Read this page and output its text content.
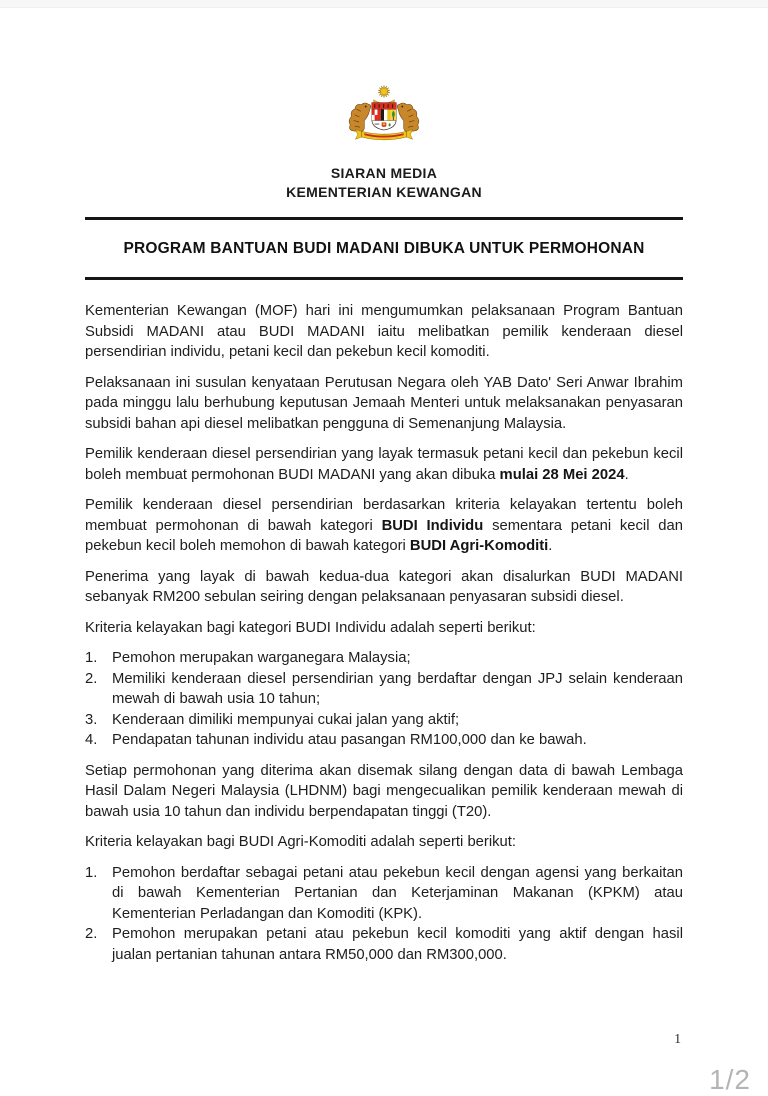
SIARAN MEDIA
KEMENTERIAN KEWANGAN
PROGRAM BANTUAN BUDI MADANI DIBUKA UNTUK PERMOHONAN

Kementerian Kewangan (MOF) hari ini mengumumkan pelaksanaan Program Bantuan Subsidi MADANI atau BUDI MADANI iaitu melibatkan pemilik kenderaan diesel persendirian individu, petani kecil dan pekebun kecil komoditi.

Pelaksanaan ini susulan kenyataan Perutusan Negara oleh YAB Dato' Seri Anwar Ibrahim pada minggu lalu berhubung keputusan Jemaah Menteri untuk melaksanakan penyasaran subsidi bahan api diesel melibatkan pengguna di Semenanjung Malaysia.

Pemilik kenderaan diesel persendirian yang layak termasuk petani kecil dan pekebun kecil boleh membuat permohonan BUDI MADANI yang akan dibuka mulai 28 Mei 2024.

Pemilik kenderaan diesel persendirian berdasarkan kriteria kelayakan tertentu boleh membuat permohonan di bawah kategori BUDI Individu sementara petani kecil dan pekebun kecil boleh memohon di bawah kategori BUDI Agri-Komoditi.

Penerima yang layak di bawah kedua-dua kategori akan disalurkan BUDI MADANI sebanyak RM200 sebulan seiring dengan pelaksanaan penyasaran subsidi diesel.

Kriteria kelayakan bagi kategori BUDI Individu adalah seperti berikut:

1. Pemohon merupakan warganegara Malaysia;
2. Memiliki kenderaan diesel persendirian yang berdaftar dengan JPJ selain kenderaan mewah di bawah usia 10 tahun;
3. Kenderaan dimiliki mempunyai cukai jalan yang aktif;
4. Pendapatan tahunan individu atau pasangan RM100,000 dan ke bawah.

Setiap permohonan yang diterima akan disemak silang dengan data di bawah Lembaga Hasil Dalam Negeri Malaysia (LHDNM) bagi mengecualikan pemilik kenderaan mewah di bawah usia 10 tahun dan individu berpendapatan tinggi (T20).

Kriteria kelayakan bagi BUDI Agri-Komoditi adalah seperti berikut:

1. Pemohon berdaftar sebagai petani atau pekebun kecil dengan agensi yang berkaitan di bawah Kementerian Pertanian dan Keterjaminan Makanan (KPKM) atau Kementerian Perladangan dan Komoditi (KPK).
2. Pemohon merupakan petani atau pekebun kecil komoditi yang aktif dengan hasil jualan pertanian tahunan antara RM50,000 dan RM300,000.
1
1/2
